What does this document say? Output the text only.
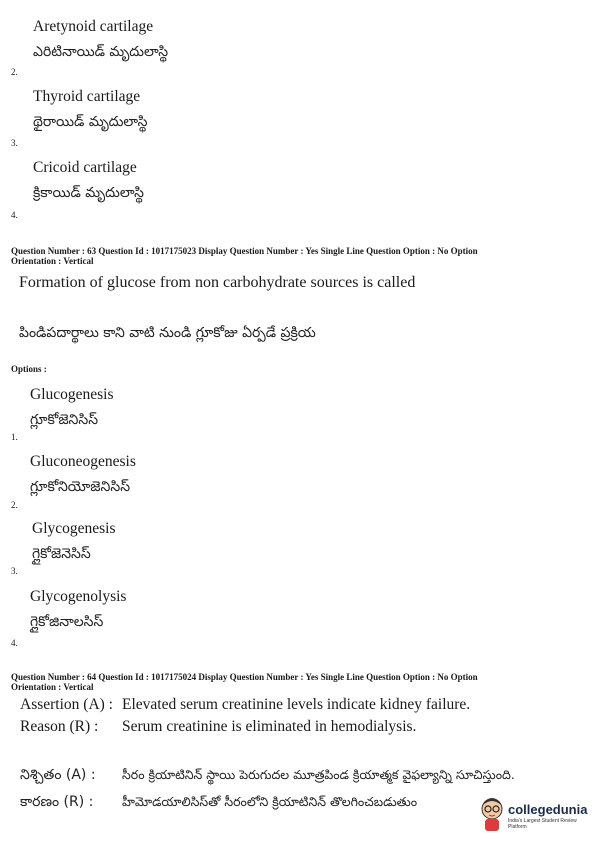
Aretynoid cartilage
ఎరిటినాయిడ్ మృదులాస్థి
2.
Thyroid cartilage
థైరాయిడ్ మృదులాస్థి
3.
Cricoid cartilage
క్రికాయిడ్ మృదులాస్థి
4.
Question Number : 63 Question Id : 1017175023 Display Question Number : Yes Single Line Question Option : No Option
Orientation : Vertical
Formation of glucose from non carbohydrate sources is called
పిండిపదార్థాలు కాని వాటి నుండి గ్లూకోజు ఏర్పడే ప్రక్రియ
Options :
Glucogenesis
గ్లూకోజెనిసిస్
1.
Gluconeogenesis
గ్లూకోనియోజెనిసిస్
2.
Glycogenesis
గ్లైకోజెనెసిస్
3.
Glycogenolysis
గ్లైకోజినాలసిస్
4.
Question Number : 64 Question Id : 1017175024 Display Question Number : Yes Single Line Question Option : No Option
Orientation : Vertical
Assertion (A) : Elevated serum creatinine levels indicate kidney failure.
Reason (R) : Serum creatinine is eliminated in hemodialysis.
నిశ్చితం (A) : సీరం క్రియాటినిన్ స్థాయి పెరుగుదల మూత్రపిండ క్రియాత్మక వైఫల్యాన్ని సూచిస్తుంది.
కారణం (R) : హీమోడయాలిసిస్‌తో సీరంలోని క్రియాటినిన్ తొలగించబడుతుం
collegedunia
India's Largest Student Review Platform
